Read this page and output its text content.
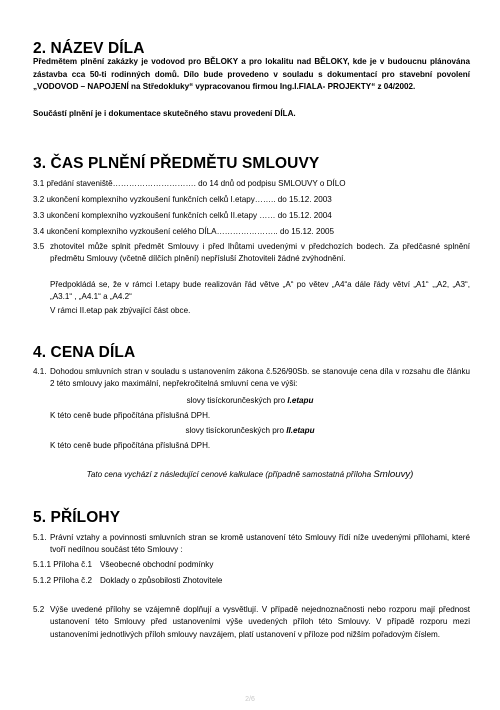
2. NÁZEV DÍLA
Předmětem plnění zakázky je vodovod pro BĚLOKY a pro lokalitu nad BĚLOKY, kde je v budoucnu plánována zástavba cca 50-ti rodinných domů. Dílo bude provedeno v souladu s dokumentací pro stavební povolení „VODOVOD – NAPOJENÍ na Středokluky“ vypracovanou firmou Ing.I.FIALA- PROJEKTY“ z 04/2002.
Součástí plnění je i dokumentace skutečného stavu provedení DÍLA.
3. ČAS PLNĚNÍ PŘEDMĚTU SMLOUVY
3.1 předání staveniště…………………………. do 14 dnů od podpisu SMLOUVY o DÍLO
3.2 ukončení komplexního vyzkoušení funkčních celků I.etapy…….. do 15.12. 2003
3.3 ukončení komplexního vyzkoušení funkčních celků II.etapy …… do 15.12. 2004
3.4 ukončení komplexního vyzkoušení celého DÍLA………………….. do 15.12. 2005
3.5 zhotovitel může splnit předmět Smlouvy i před lhůtami uvedenými v předchozích bodech. Za předčasné splnění předmětu Smlouvy (včetně dílčích plnění) nepřísluší Zhotoviteli žádné zvýhodnění.
Předpokládá se, že v rámci I.etapy bude realizován řád větve „A“ po větev „A4“a dále řády větví „A1“ ,„A2, „A3“,„A3.1“ , „A4.1“ a „A4.2“
V rámci II.etap pak zbývající část obce.
4. CENA DÍLA
4.1. Dohodou smluvních stran v souladu s ustanovením zákona č.526/90Sb. se stanovuje cena díla v rozsahu dle článku 2 této smlouvy jako maximální, nepřekročitelná smluvní cena ve výši:
slovy tisíckorunčeských pro I.etapu
K této ceně bude připočítána příslušná DPH.
slovy tisíckorunčeských pro II.etapu
K této ceně bude připočítána příslušná DPH.
Tato cena vychází z následující cenové kalkulace (případně samostatná příloha Smlouvy)
5. PŘÍLOHY
5.1. Právní vztahy a povinnosti smluvních stran se kromě ustanovení této Smlouvy řídí níže uvedenými přílohami, které tvoří nedílnou součást této Smlouvy :
5.1.1 Příloha č.1 Všeobecné obchodní podmínky
5.1.2 Příloha č.2 Doklady o způsobilosti Zhotovitele
5.2 Výše uvedené přílohy se vzájemně doplňují a vysvětlují. V případě nejednoznačnosti nebo rozporu mají přednost ustanovení této Smlouvy před ustanoveními výše uvedených příloh této Smlouvy. V případě rozporu mezi ustanoveními jednotlivých příloh smlouvy navzájem, platí ustanovení v příloze pod nižším pořadovým číslem.
2/6
